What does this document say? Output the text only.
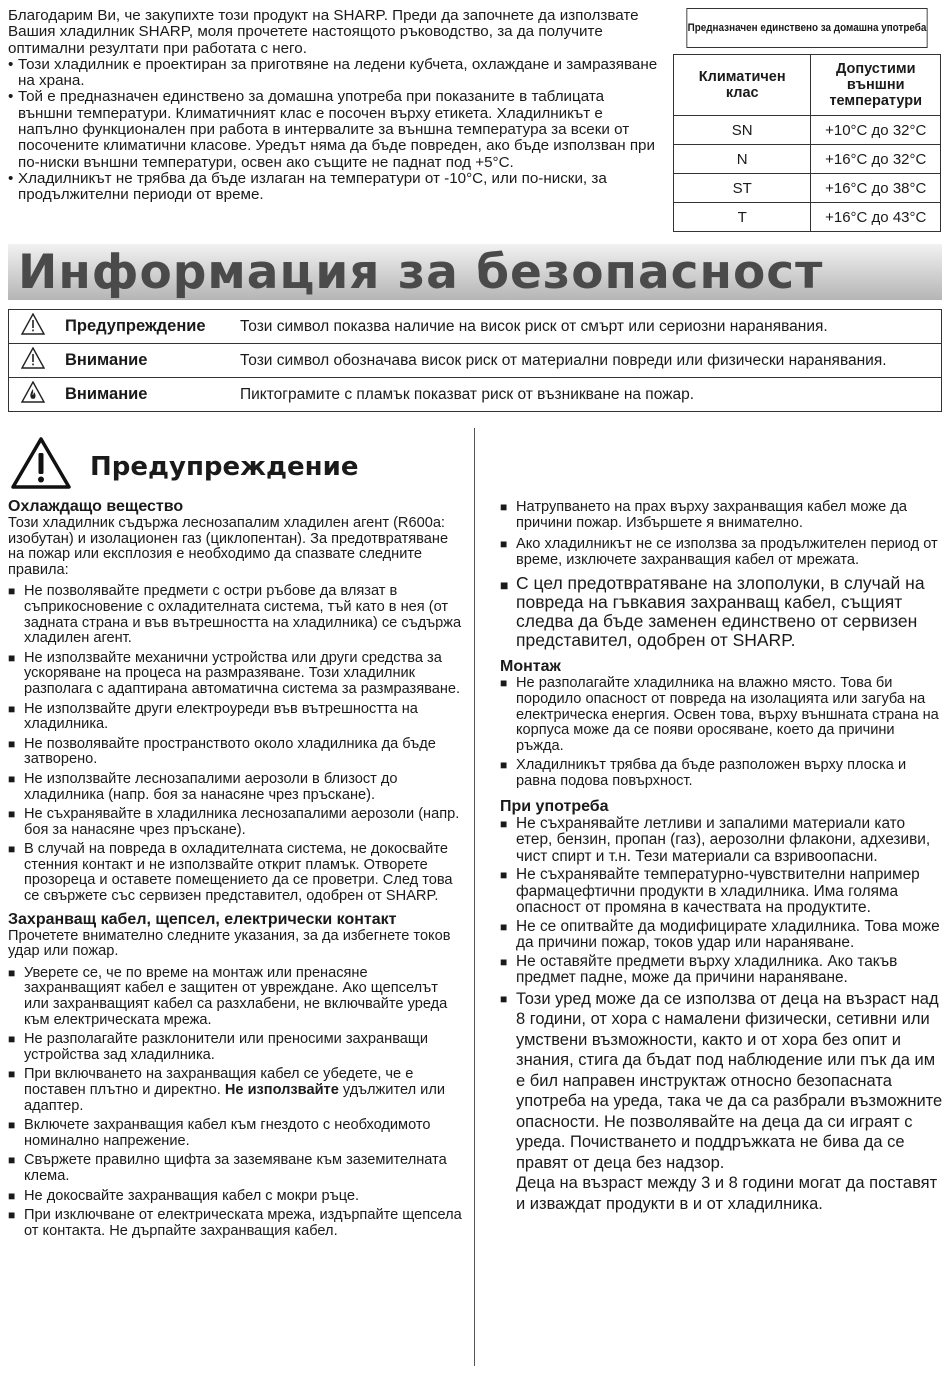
Благодарим Ви, че закупихте този продукт на SHARP. Преди да започнете да използвате Вашия хладилник SHARP, моля прочетете настоящото ръководство, за да получите оптимални резултати при работата с него.

• Този хладилник е проектиран за приготвяне на ледени кубчета, охлаждане и замразяване на храна.
• Той е предназначен единствено за домашна употреба при показаните в таблицата външни температури. Климатичният клас е посочен върху етикета. Хладилникът е напълно функционален при работа в интервалите за външна температура за всеки от посочените климатични класове. Уредът няма да бъде повреден, ако бъде използван при по-ниски външни температури, освен ако същите не паднат под +5°C.
• Хладилникът не трябва да бъде излаган на температури от -10°C, или по-ниски, за продължителни периоди от време.
Предназначен единствено за домашна употреба
Климатичен клас	Допустими външни температури
SN	+10°C до 32°C
N	+16°C до 32°C
ST	+16°C до 38°C
T	+16°C до 43°C
Информация за безопасност
	Предупреждение	Този символ показва наличие на висок риск от смърт или сериозни наранявания.
	Внимание	Този символ обозначава висок риск от материални повреди или физически наранявания.
	Внимание	Пиктограмите с пламък показват риск от възникване на пожар.
Предупреждение
Охлаждащо вещество

Този хладилник съдържа леснозапалим хладилен агент (R600a: изобутан) и изолационен газ (циклопентан). За предотвратяване на пожар или експлозия е необходимо да спазвате следните правила:

■ Не позволявайте предмети с остри ръбове да влязат в съприкосновение с охладителната система, тъй като в нея (от задната страна и във вътрешността на хладилника) се съдържа хладилен агент.
■ Не използвайте механични устройства или други средства за ускоряване на процеса на размразяване. Този хладилник разполага с адаптирана автоматична система за размразяване.
■ Не използвайте други електроуреди във вътрешността на хладилника.
■ Не позволявайте пространството около хладилника да бъде затворено.
■ Не използвайте леснозапалими аерозоли в близост до хладилника (напр. боя за нанасяне чрез пръскане).
■ Не съхранявайте в хладилника леснозапалими аерозоли (напр. боя за нанасяне чрез пръскане).
■ В случай на повреда в охладителната система, не докосвайте стенния контакт и не използвайте открит пламък. Отворете прозореца и оставете помещението да се проветри. След това се свържете със сервизен представител, одобрен от SHARP.
Захранващ кабел, щепсел, електрически контакт

Прочетете внимателно следните указания, за да избегнете токов удар или пожар.

■ Уверете се, че по време на монтаж или пренасяне захранващият кабел е защитен от увреждане. Ако щепселът или захранващият кабел са разхлабени, не включвайте уреда към електрическата мрежа.
■ Не разполагайте разклонители или преносими захранващи устройства зад хладилника.
■ При включването на захранващия кабел се убедете, че е поставен плътно и директно. Не използвайте удължител или адаптер.
■ Включете захранващия кабел към гнездото с необходимото номинално напрежение.
■ Свържете правилно щифта за заземяване към заземителната клема.
■ Не докосвайте захранващия кабел с мокри ръце.
■ При изключване от електрическата мрежа, издърпайте щепсела от контакта. Не дърпайте захранващия кабел.
■ Натрупването на прах върху захранващия кабел може да причини пожар. Избършете я внимателно.
■ Ако хладилникът не се използва за продължителен период от време, изключете захранващия кабел от мрежата.
■ С цел предотвратяване на злополуки, в случай на повреда на гъвкавия захранващ кабел, същият следва да бъде заменен единствено от сервизен представител, одобрен от SHARP.
Монтаж
■ Не разполагайте хладилника на влажно място. Това би породило опасност от повреда на изолацията или загуба на електрическа енергия. Освен това, върху външната страна на корпуса може да се появи оросяване, което да причини ръжда.
■ Хладилникът трябва да бъде разположен върху плоска и равна подова повърхност.
При употреба
■ Не съхранявайте летливи и запалими материали като етер, бензин, пропан (газ), аерозолни флакони, адхезиви, чист спирт и т.н. Тези материали са взривоопасни.
■ Не съхранявайте температурно-чувствителни например фармацефтични продукти в хладилника. Има голяма опасност от промяна в качествата на продуктите.
■ Не се опитвайте да модифицирате хладилника. Това може да причини пожар, токов удар или нараняване.
■ Не оставяйте предмети върху хладилника. Ако такъв предмет падне, може да причини нараняване.
■ Този уред може да се използва от деца на възраст над 8 години, от хора с намалени физически, сетивни или умствени възможности, както и от хора без опит и знания, стига да бъдат под наблюдение или пък да им е бил направен инструктаж относно безопасната употреба на уреда, така че да са разбрали възможните опасности. Не позволявайте на деца да си играят с уреда. Почистването и поддръжката не бива да се правят от деца без надзор.
Деца на възраст между 3 и 8 години могат да поставят и изваждат продукти в и от хладилника.
